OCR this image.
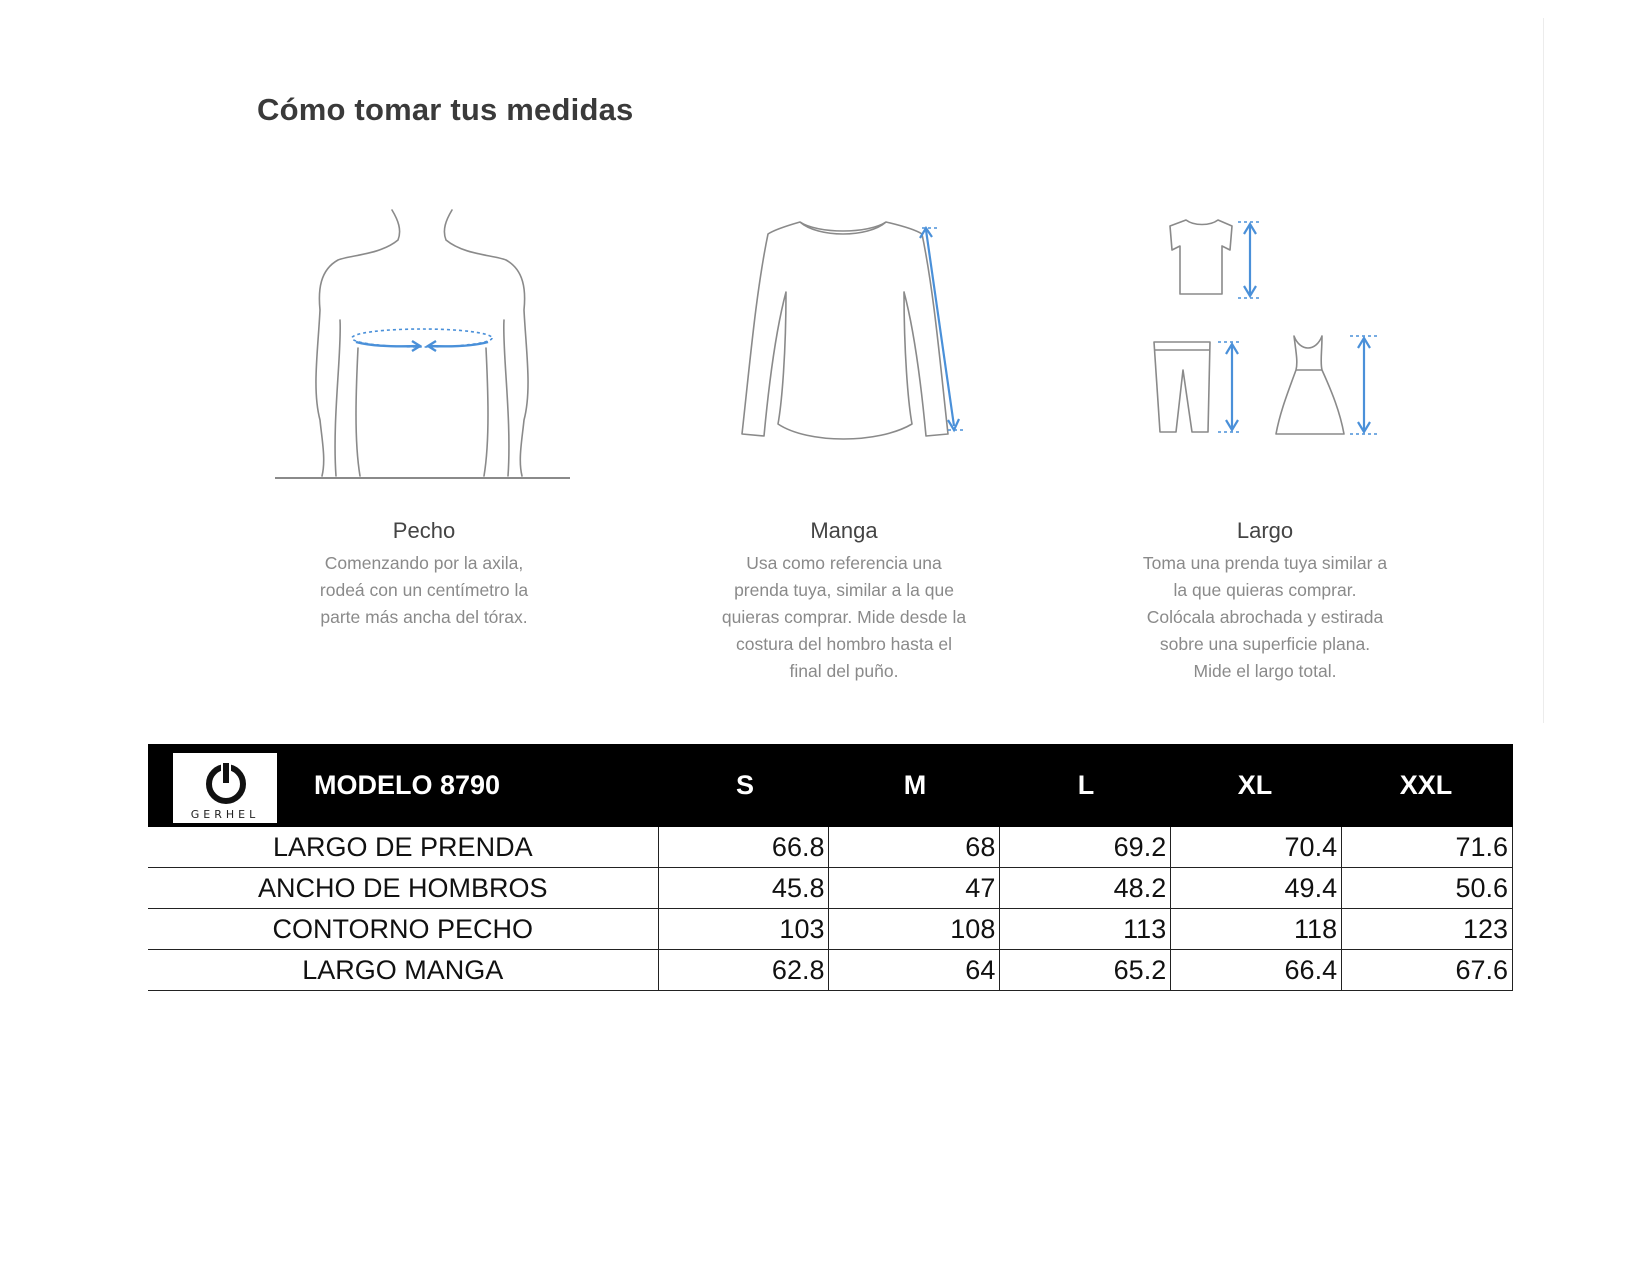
Cómo tomar tus medidas
Pecho
Comenzando por la axila,
rodeá con un centímetro la
parte más ancha del tórax.
Manga
Usa como referencia una
prenda tuya, similar a la que
quieras comprar. Mide desde la
costura del hombro hasta el
final del puño.
Largo
Toma una prenda tuya similar a
la que quieras comprar.
Colócala abrochada y estirada
sobre una superficie plana.
Mide el largo total.
GERHEL
MODELO 8790	S	M	L	XL	XXL
LARGO DE PRENDA	66.8	68	69.2	70.4	71.6
ANCHO DE HOMBROS	45.8	47	48.2	49.4	50.6
CONTORNO PECHO	103	108	113	118	123
LARGO MANGA	62.8	64	65.2	66.4	67.6
